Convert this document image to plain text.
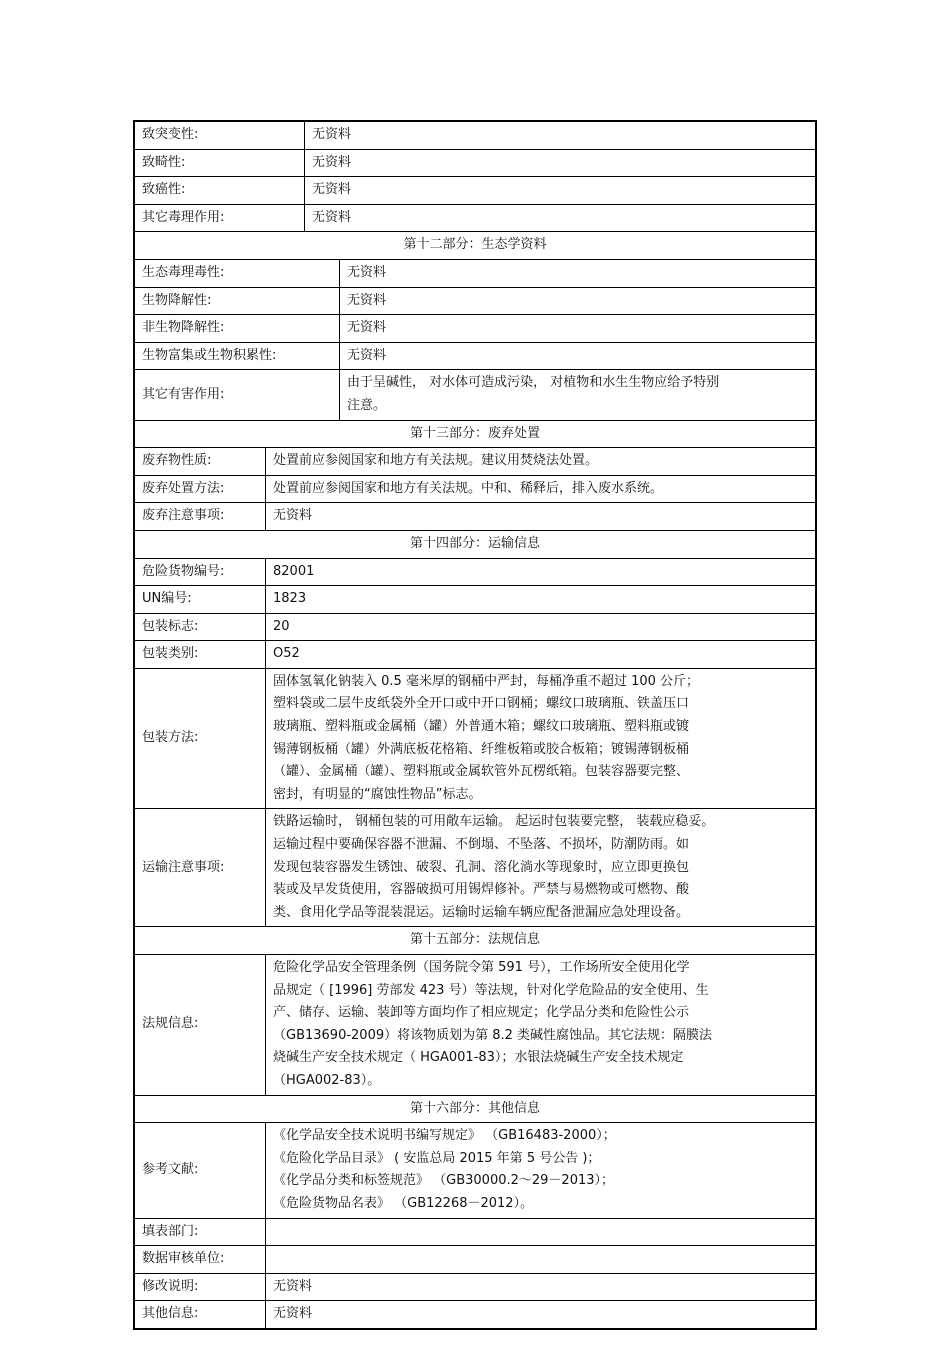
致突变性:	无资料
致畸性:	无资料
致癌性:	无资料
其它毒理作用:	无资料
第十二部分：生态学资料
生态毒理毒性:	无资料
生物降解性:	无资料
非生物降解性:	无资料
生物富集或生物积累性:	无资料
其它有害作用:
由于呈碱性， 对水体可造成污染， 对植物和水生生物应给予特别
注意。
第十三部分：废弃处置
废弃物性质:	处置前应参阅国家和地方有关法规。建议用焚烧法处置。
废弃处置方法:	处置前应参阅国家和地方有关法规。中和、稀释后，排入废水系统。
废弃注意事项:	无资料
第十四部分：运输信息
危险货物编号:	82001
UN编号:	1823
包装标志:	20
包装类别:	O52
包装方法:
固体氢氧化钠装入 0.5 毫米厚的钢桶中严封，每桶净重不超过 100 公斤；
塑料袋或二层牛皮纸袋外全开口或中开口钢桶；螺纹口玻璃瓶、铁盖压口
玻璃瓶、塑料瓶或金属桶（罐）外普通木箱；螺纹口玻璃瓶、塑料瓶或镀
锡薄钢板桶（罐）外满底板花格箱、纤维板箱或胶合板箱；镀锡薄钢板桶
（罐）、金属桶（罐）、塑料瓶或金属软管外瓦楞纸箱。包装容器要完整、
密封，有明显的“腐蚀性物品”标志。
运输注意事项:
铁路运输时， 钢桶包装的可用敞车运输。 起运时包装要完整， 装载应稳妥。
运输过程中要确保容器不泄漏、不倒塌、不坠落、不损坏，防潮防雨。如
发现包装容器发生锈蚀、破裂、孔洞、溶化淌水等现象时，应立即更换包
装或及早发货使用，容器破损可用锡焊修补。严禁与易燃物或可燃物、酸
类、食用化学品等混装混运。运输时运输车辆应配备泄漏应急处理设备。
第十五部分：法规信息
法规信息:
危险化学品安全管理条例（国务院令第 591 号），工作场所安全使用化学
品规定（ [1996] 劳部发 423 号）等法规，针对化学危险品的安全使用、生
产、储存、运输、装卸等方面均作了相应规定；化学品分类和危险性公示
（GB13690-2009）将该物质划为第 8.2 类碱性腐蚀品。其它法规：隔膜法
烧碱生产安全技术规定（ HGA001-83）；水银法烧碱生产安全技术规定
（HGA002-83）。
第十六部分：其他信息
参考文献:
《化学品安全技术说明书编写规定》 （GB16483-2000）；
《危险化学品目录》 ( 安监总局 2015 年第 5 号公告 )；
《化学品分类和标签规范》 （GB30000.2～29－2013）；
《危险货物品名表》 （GB12268－2012）。
填表部门:
数据审核单位:
修改说明:	无资料
其他信息:	无资料
